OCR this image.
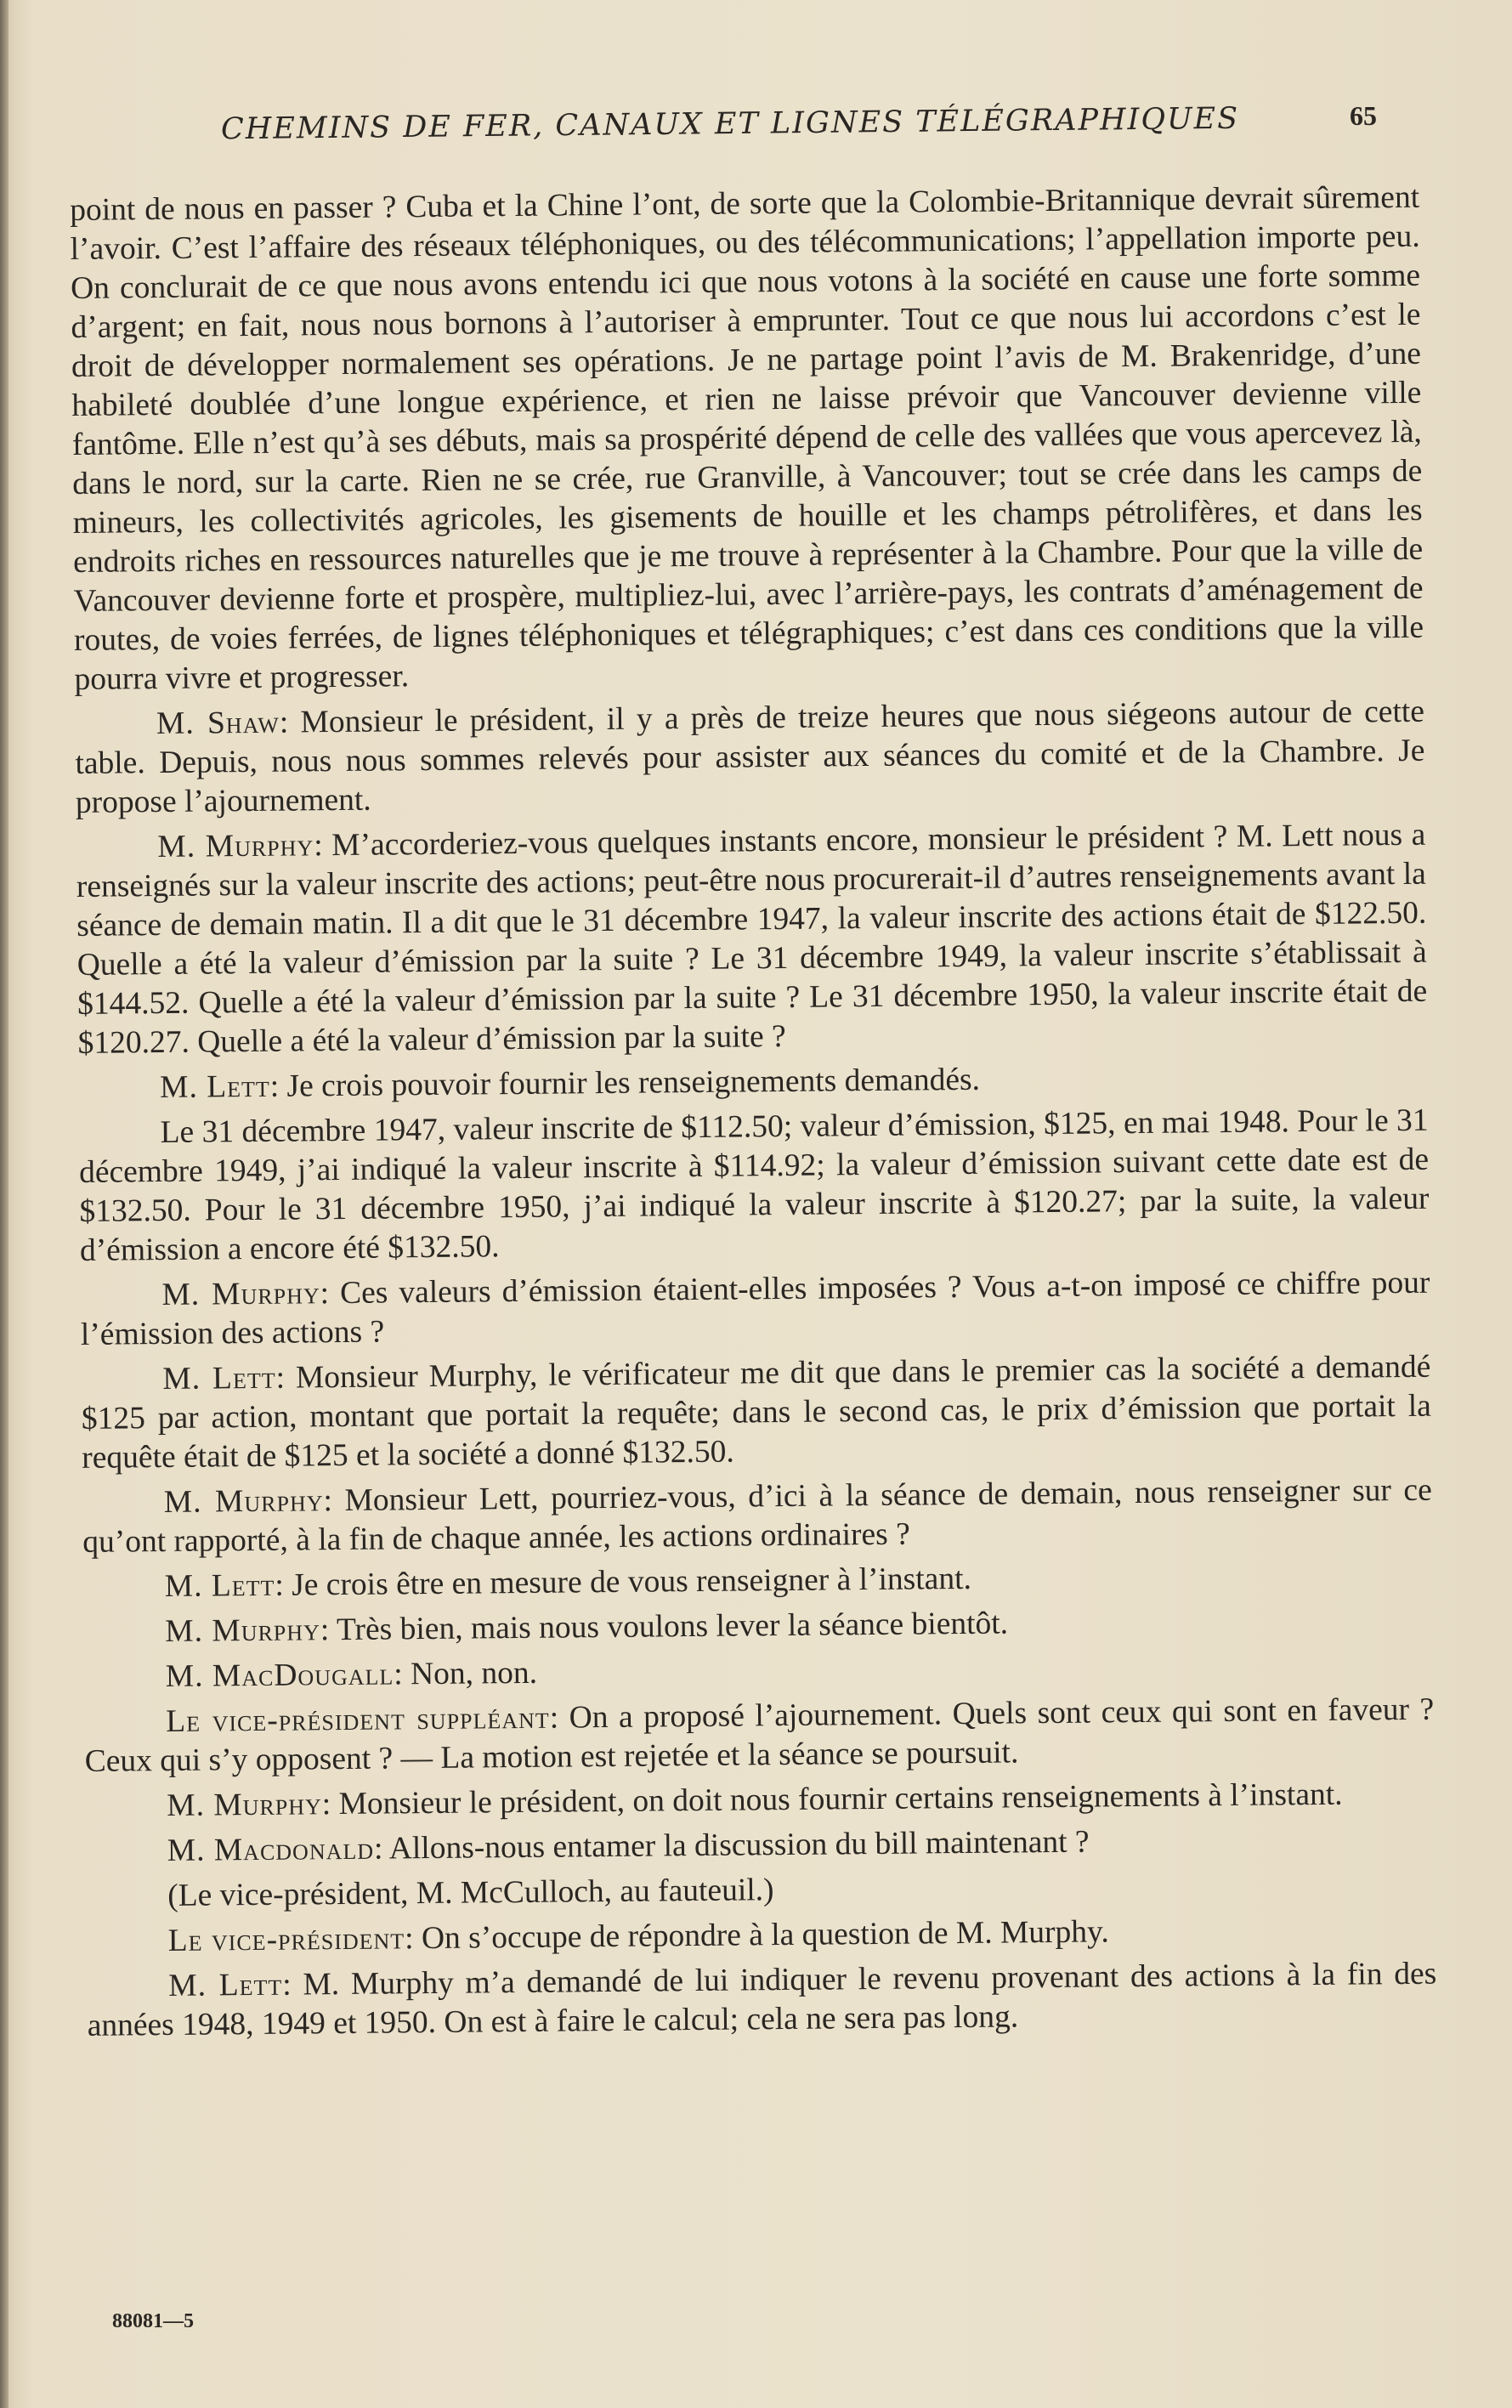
CHEMINS DE FER, CANAUX ET LIGNES TÉLÉGRAPHIQUES	65

point de nous en passer ? Cuba et la Chine l’ont, de sorte que la Colombie-Britannique devrait sûrement l’avoir. C’est l’affaire des réseaux téléphoniques, ou des télécommunications; l’appellation importe peu. On conclurait de ce que nous avons entendu ici que nous votons à la société en cause une forte somme d’argent; en fait, nous nous bornons à l’autoriser à emprunter. Tout ce que nous lui accordons c’est le droit de développer normalement ses opérations. Je ne partage point l’avis de M. Brakenridge, d’une habileté doublée d’une longue expérience, et rien ne laisse prévoir que Vancouver devienne ville fantôme. Elle n’est qu’à ses débuts, mais sa prospérité dépend de celle des vallées que vous apercevez là, dans le nord, sur la carte. Rien ne se crée, rue Granville, à Vancouver; tout se crée dans les camps de mineurs, les collectivités agricoles, les gisements de houille et les champs pétrolifères, et dans les endroits riches en ressources naturelles que je me trouve à représenter à la Chambre. Pour que la ville de Vancouver devienne forte et prospère, multipliez-lui, avec l’arrière-pays, les contrats d’aménagement de routes, de voies ferrées, de lignes téléphoniques et télégraphiques; c’est dans ces conditions que la ville pourra vivre et progresser.

M. Shaw: Monsieur le président, il y a près de treize heures que nous siégeons autour de cette table. Depuis, nous nous sommes relevés pour assister aux séances du comité et de la Chambre. Je propose l’ajournement.

M. Murphy: M’accorderiez-vous quelques instants encore, monsieur le président ? M. Lett nous a renseignés sur la valeur inscrite des actions; peut-être nous procurerait-il d’autres renseignements avant la séance de demain matin. Il a dit que le 31 décembre 1947, la valeur inscrite des actions était de $122.50. Quelle a été la valeur d’émission par la suite ? Le 31 décembre 1949, la valeur inscrite s’établissait à $144.52. Quelle a été la valeur d’émission par la suite ? Le 31 décembre 1950, la valeur inscrite était de $120.27. Quelle a été la valeur d’émission par la suite ?

M. Lett: Je crois pouvoir fournir les renseignements demandés.

Le 31 décembre 1947, valeur inscrite de $112.50; valeur d’émission, $125, en mai 1948. Pour le 31 décembre 1949, j’ai indiqué la valeur inscrite à $114.92; la valeur d’émission suivant cette date est de $132.50. Pour le 31 décembre 1950, j’ai indiqué la valeur inscrite à $120.27; par la suite, la valeur d’émission a encore été $132.50.

M. Murphy: Ces valeurs d’émission étaient-elles imposées ? Vous a-t-on imposé ce chiffre pour l’émission des actions ?

M. Lett: Monsieur Murphy, le vérificateur me dit que dans le premier cas la société a demandé $125 par action, montant que portait la requête; dans le second cas, le prix d’émission que portait la requête était de $125 et la société a donné $132.50.

M. Murphy: Monsieur Lett, pourriez-vous, d’ici à la séance de demain, nous renseigner sur ce qu’ont rapporté, à la fin de chaque année, les actions ordinaires ?

M. Lett: Je crois être en mesure de vous renseigner à l’instant.

M. Murphy: Très bien, mais nous voulons lever la séance bientôt.

M. MacDougall: Non, non.

Le vice-président suppléant: On a proposé l’ajournement. Quels sont ceux qui sont en faveur ? Ceux qui s’y opposent ? — La motion est rejetée et la séance se poursuit.

M. Murphy: Monsieur le président, on doit nous fournir certains renseignements à l’instant.

M. Macdonald: Allons-nous entamer la discussion du bill maintenant ?

(Le vice-président, M. McCulloch, au fauteuil.)

Le vice-président: On s’occupe de répondre à la question de M. Murphy.

M. Lett: M. Murphy m’a demandé de lui indiquer le revenu provenant des actions à la fin des années 1948, 1949 et 1950. On est à faire le calcul; cela ne sera pas long.

88081—5
